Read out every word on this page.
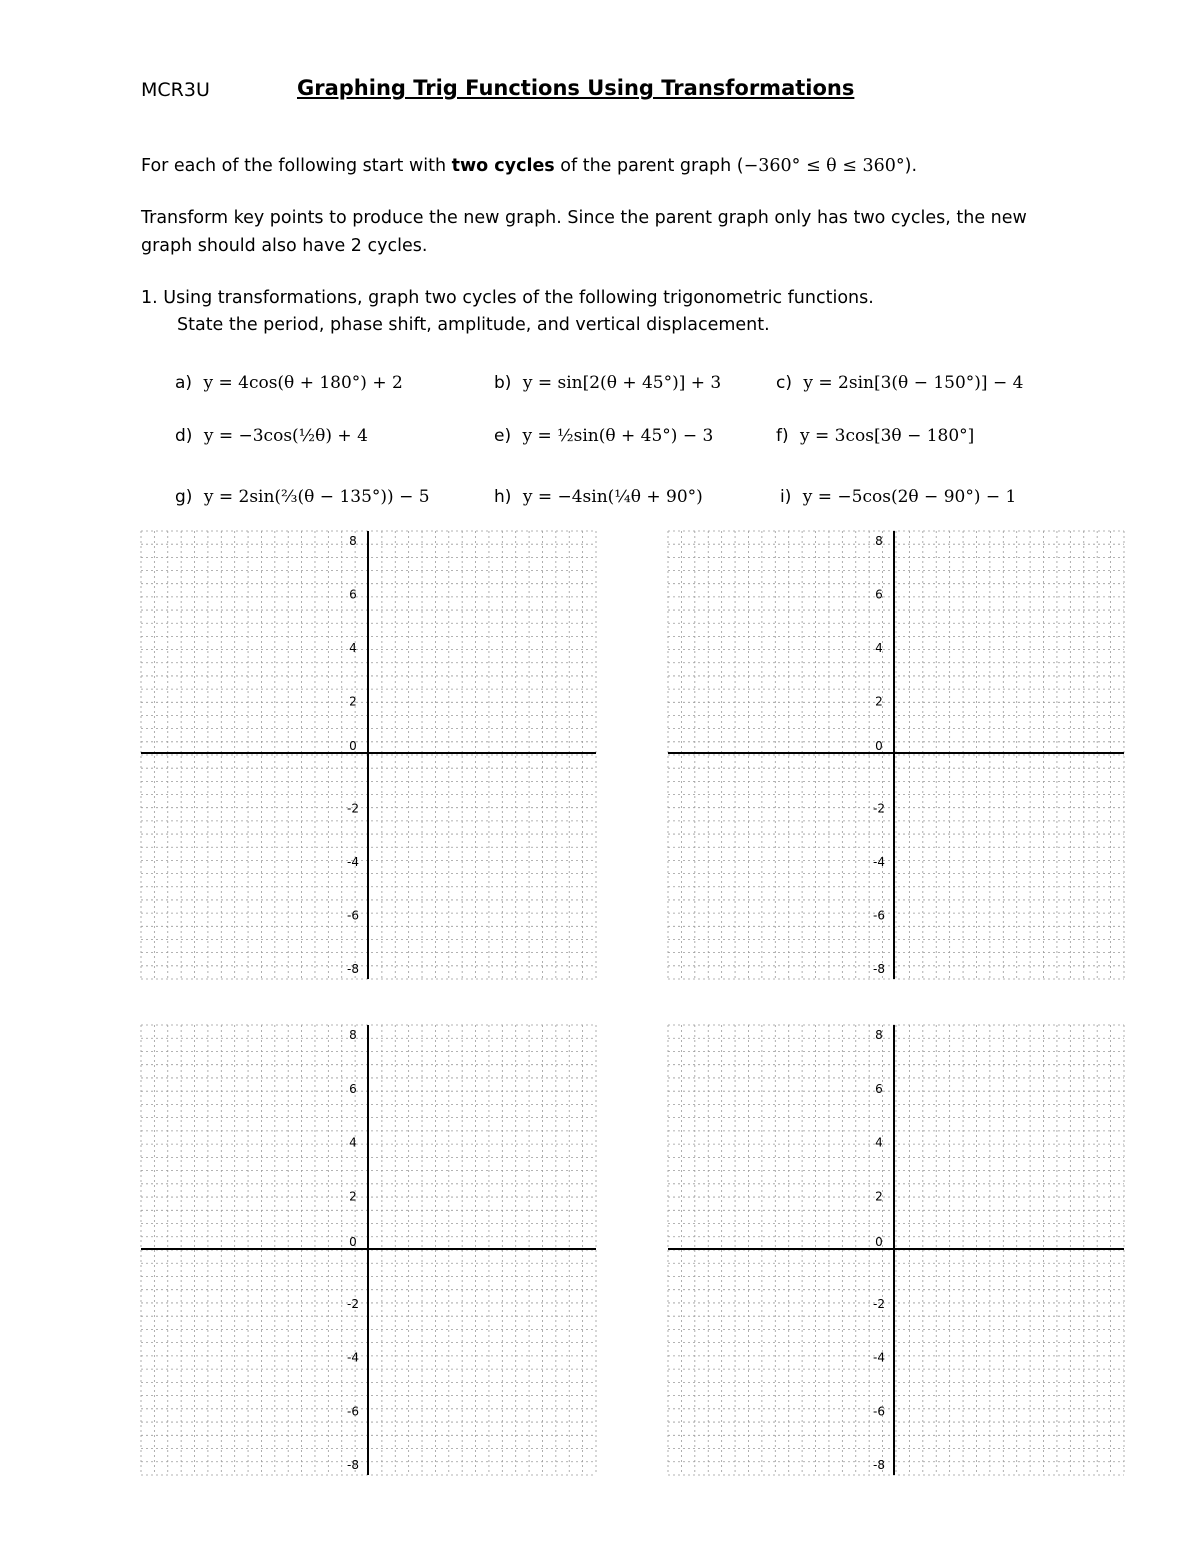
MCR3U	Graphing Trig Functions Using Transformations
For each of the following start with two cycles of the parent graph (−360° ≤ θ ≤ 360°).
Transform key points to produce the new graph. Since the parent graph only has two cycles, the new
graph should also have 2 cycles.
1. Using transformations, graph two cycles of the following trigonometric functions.
State the period, phase shift, amplitude, and vertical displacement.
a) y = 4cos(θ + 180°) + 2	b) y = sin[2(θ + 45°)] + 3	c) y = 2sin[3(θ − 150°)] − 4
d) y = −3cos(½θ) + 4	e) y = ½sin(θ + 45°) − 3	f) y = 3cos[3θ − 180°]
g) y = 2sin(⅔(θ − 135°)) − 5	h) y = −4sin(¼θ + 90°)	i) y = −5cos(2θ − 90°) − 1
8
6
4
2
0
-2
-4
-6
-8
8
6
4
2
0
-2
-4
-6
-8
8
6
4
2
0
-2
-4
-6
-8
8
6
4
2
0
-2
-4
-6
-8
